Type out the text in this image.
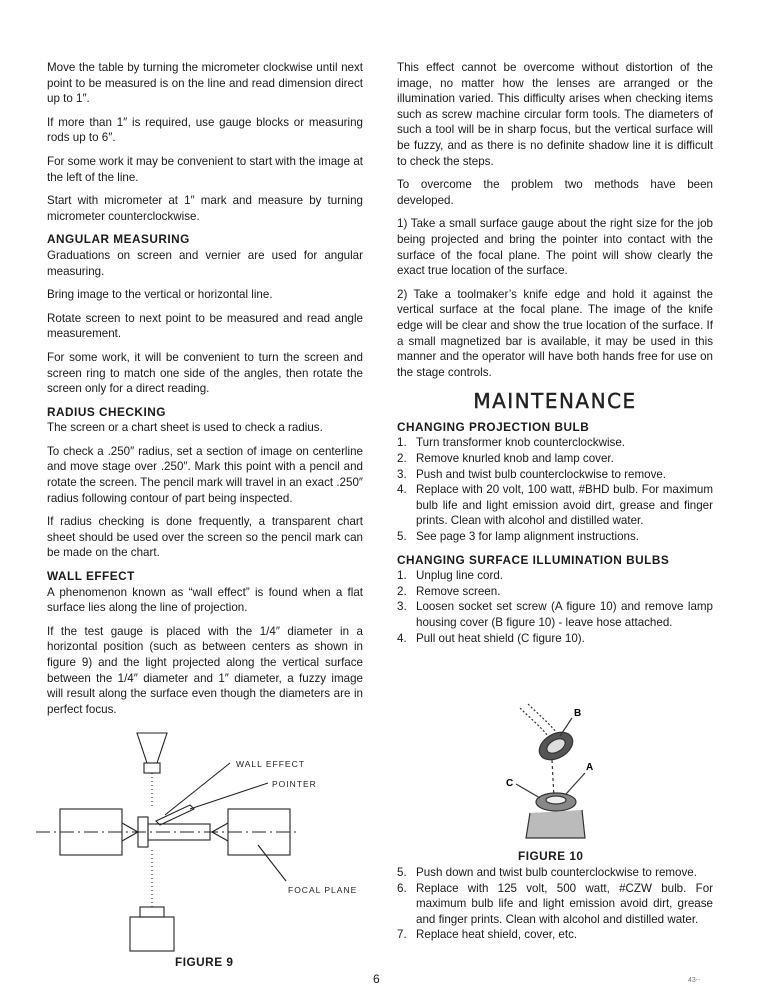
Move the table by turning the micrometer clockwise until next point to be measured is on the line and read dimension direct up to 1″.

If more than 1″ is required, use gauge blocks or measuring rods up to 6″.

For some work it may be convenient to start with the image at the left of the line.

Start with micrometer at 1″ mark and measure by turning micrometer counterclockwise.

ANGULAR MEASURING

Graduations on screen and vernier are used for angular measuring.

Bring image to the vertical or horizontal line.

Rotate screen to next point to be measured and read angle measurement.

For some work, it will be convenient to turn the screen and screen ring to match one side of the angles, then rotate the screen only for a direct reading.

RADIUS CHECKING

The screen or a chart sheet is used to check a radius.

To check a .250″ radius, set a section of image on centerline and move stage over .250″. Mark this point with a pencil and rotate the screen. The pencil mark will travel in an exact .250″ radius following contour of part being inspected.

If radius checking is done frequently, a transparent chart sheet should be used over the screen so the pencil mark can be made on the chart.

WALL EFFECT

A phenomenon known as “wall effect” is found when a flat surface lies along the line of projection.

If the test gauge is placed with the 1/4″ diameter in a horizontal position (such as between centers as shown in figure 9) and the light projected along the vertical surface between the 1/4″ diameter and 1″ diameter, a fuzzy image will result along the surface even though the diameters are in perfect focus.

This effect cannot be overcome without distortion of the image, no matter how the lenses are arranged or the illumination varied. This difficulty arises when checking items such as screw machine circular form tools. The diameters of such a tool will be in sharp focus, but the vertical surface will be fuzzy, and as there is no definite shadow line it is difficult to check the steps.

To overcome the problem two methods have been developed.

1) Take a small surface gauge about the right size for the job being projected and bring the pointer into contact with the surface of the focal plane. The point will show clearly the exact true location of the surface.

2) Take a toolmaker’s knife edge and hold it against the vertical surface at the focal plane. The image of the knife edge will be clear and show the true location of the surface. If a small magnetized bar is available, it may be used in this manner and the operator will have both hands free for use on the stage controls.

MAINTENANCE
CHANGING PROJECTION BULB
1. Turn transformer knob counterclockwise.
2. Remove knurled knob and lamp cover.
3. Push and twist bulb counterclockwise to remove.
4. Replace with 20 volt, 100 watt, #BHD bulb. For maximum bulb life and light emission avoid dirt, grease and finger prints. Clean with alcohol and distilled water.
5. See page 3 for lamp alignment instructions.
CHANGING SURFACE ILLUMINATION BULBS
1. Unplug line cord.
2. Remove screen.
3. Loosen socket set screw (A figure 10) and remove lamp housing cover (B figure 10) - leave hose attached.
4. Pull out heat shield (C figure 10).
B
A
C
FIGURE 10
5. Push down and twist bulb counterclockwise to remove.
6. Replace with 125 volt, 500 watt, #CZW bulb. For maximum bulb life and light emission avoid dirt, grease and finger prints. Clean with alcohol and distilled water.
7. Replace heat shield, cover, etc.
WALL EFFECT
POINTER
FOCAL PLANE
FIGURE 9
6	43‧‧
